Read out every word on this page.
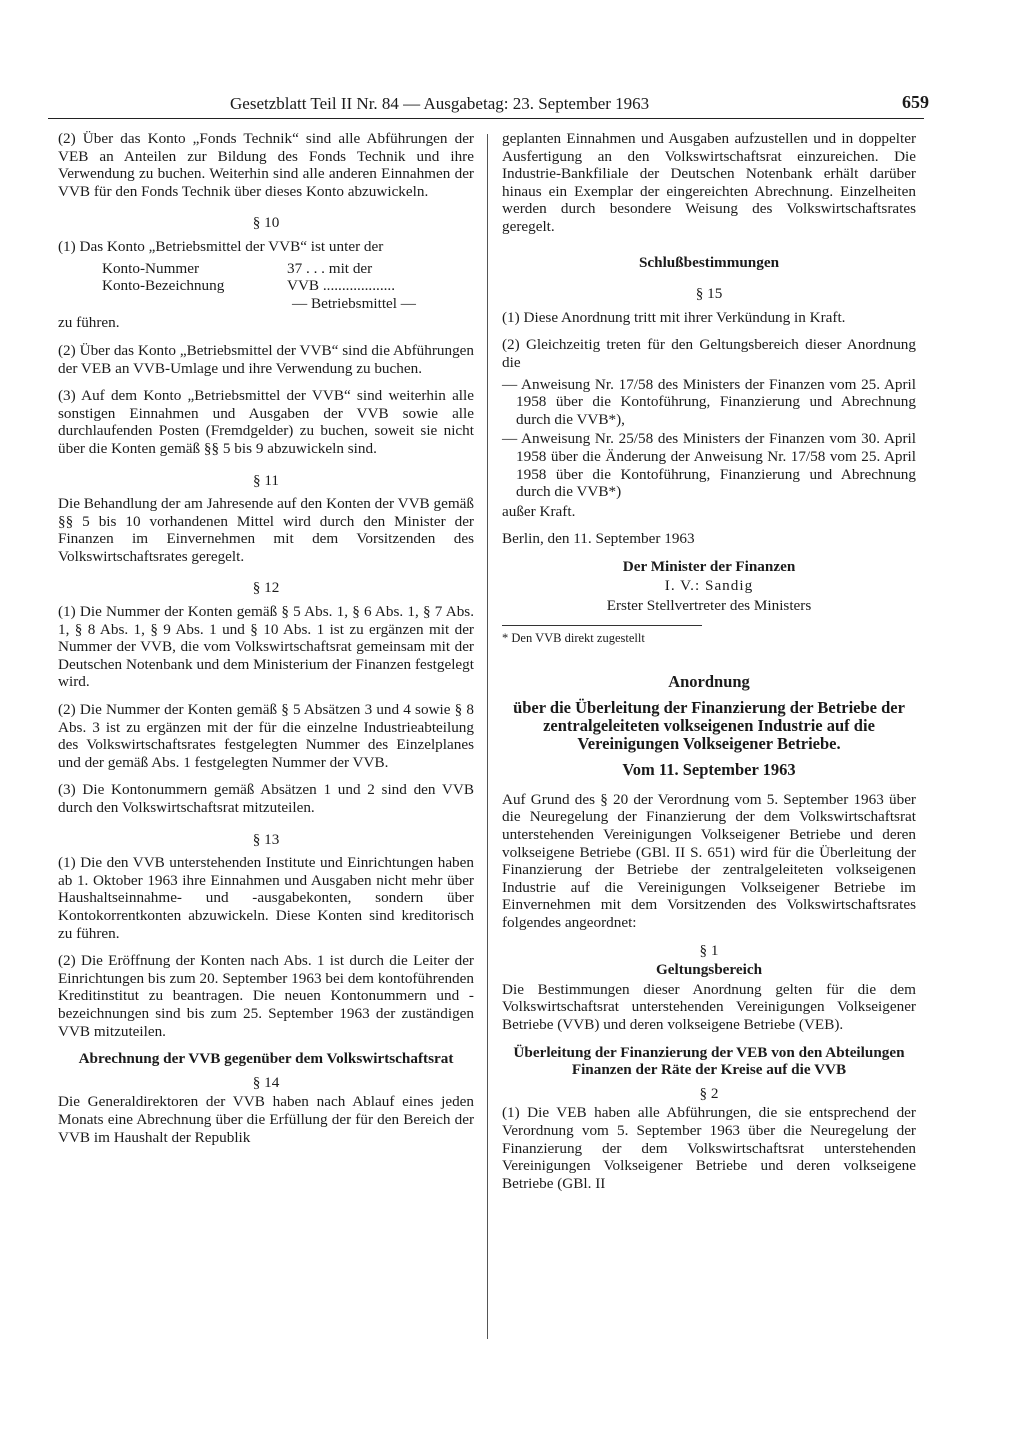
Gesetzblatt Teil II Nr. 84 — Ausgabetag: 23. September 1963	659

(2) Über das Konto „Fonds Technik“ sind alle Abführungen der VEB an Anteilen zur Bildung des Fonds Technik und ihre Verwendung zu buchen. Weiterhin sind alle anderen Einnahmen der VVB für den Fonds Technik über dieses Konto abzuwickeln.

§ 10

(1) Das Konto „Betriebsmittel der VVB“ ist unter der

Konto-Nummer	37 . . . mit der
Konto-Bezeichnung	VVB ...................
— Betriebsmittel —

zu führen.

(2) Über das Konto „Betriebsmittel der VVB“ sind die Abführungen der VEB an VVB-Umlage und ihre Verwendung zu buchen.

(3) Auf dem Konto „Betriebsmittel der VVB“ sind weiterhin alle sonstigen Einnahmen und Ausgaben der VVB sowie alle durchlaufenden Posten (Fremdgelder) zu buchen, soweit sie nicht über die Konten gemäß §§ 5 bis 9 abzuwickeln sind.

§ 11

Die Behandlung der am Jahresende auf den Konten der VVB gemäß §§ 5 bis 10 vorhandenen Mittel wird durch den Minister der Finanzen im Einvernehmen mit dem Vorsitzenden des Volkswirtschaftsrates geregelt.

§ 12

(1) Die Nummer der Konten gemäß § 5 Abs. 1, § 6 Abs. 1, § 7 Abs. 1, § 8 Abs. 1, § 9 Abs. 1 und § 10 Abs. 1 ist zu ergänzen mit der Nummer der VVB, die vom Volkswirtschaftsrat gemeinsam mit der Deutschen Notenbank und dem Ministerium der Finanzen festgelegt wird.

(2) Die Nummer der Konten gemäß § 5 Absätzen 3 und 4 sowie § 8 Abs. 3 ist zu ergänzen mit der für die einzelne Industrieabteilung des Volkswirtschaftsrates festgelegten Nummer des Einzelplanes und der gemäß Abs. 1 festgelegten Nummer der VVB.

(3) Die Kontonummern gemäß Absätzen 1 und 2 sind den VVB durch den Volkswirtschaftsrat mitzuteilen.

§ 13

(1) Die den VVB unterstehenden Institute und Einrichtungen haben ab 1. Oktober 1963 ihre Einnahmen und Ausgaben nicht mehr über Haushaltseinnahme- und -ausgabekonten, sondern über Kontokorrentkonten abzuwickeln. Diese Konten sind kreditorisch zu führen.

(2) Die Eröffnung der Konten nach Abs. 1 ist durch die Leiter der Einrichtungen bis zum 20. September 1963 bei dem kontoführenden Kreditinstitut zu beantragen. Die neuen Kontonummern und -bezeichnungen sind bis zum 25. September 1963 der zuständigen VVB mitzuteilen.

Abrechnung der VVB gegenüber dem Volkswirtschaftsrat
§ 14

Die Generaldirektoren der VVB haben nach Ablauf eines jeden Monats eine Abrechnung über die Erfüllung der für den Bereich der VVB im Haushalt der Republik

geplanten Einnahmen und Ausgaben aufzustellen und in doppelter Ausfertigung an den Volkswirtschaftsrat einzureichen. Die Industrie-Bankfiliale der Deutschen Notenbank erhält darüber hinaus ein Exemplar der eingereichten Abrechnung. Einzelheiten werden durch besondere Weisung des Volkswirtschaftsrates geregelt.

Schlußbestimmungen
§ 15

(1) Diese Anordnung tritt mit ihrer Verkündung in Kraft.

(2) Gleichzeitig treten für den Geltungsbereich dieser Anordnung die

— Anweisung Nr. 17/58 des Ministers der Finanzen vom 25. April 1958 über die Kontoführung, Finanzierung und Abrechnung durch die VVB*),
— Anweisung Nr. 25/58 des Ministers der Finanzen vom 30. April 1958 über die Änderung der Anweisung Nr. 17/58 vom 25. April 1958 über die Kontoführung, Finanzierung und Abrechnung durch die VVB*)

außer Kraft.

Berlin, den 11. September 1963

Der Minister der Finanzen
I. V.: Sandig
Erster Stellvertreter des Ministers
* Den VVB direkt zugestellt
Anordnung
über die Überleitung der Finanzierung der Betriebe der zentralgeleiteten volkseigenen Industrie auf die Vereinigungen Volkseigener Betriebe.
Vom 11. September 1963

Auf Grund des § 20 der Verordnung vom 5. September 1963 über die Neuregelung der Finanzierung der dem Volkswirtschaftsrat unterstehenden Vereinigungen Volkseigener Betriebe und deren volkseigene Betriebe (GBl. II S. 651) wird für die Überleitung der Finanzierung der Betriebe der zentralgeleiteten volkseigenen Industrie auf die Vereinigungen Volkseigener Betriebe im Einvernehmen mit dem Vorsitzenden des Volkswirtschaftsrates folgendes angeordnet:

§ 1
Geltungsbereich

Die Bestimmungen dieser Anordnung gelten für die dem Volkswirtschaftsrat unterstehenden Vereinigungen Volkseigener Betriebe (VVB) und deren volkseigene Betriebe (VEB).

Überleitung der Finanzierung der VEB von den Abteilungen Finanzen der Räte der Kreise auf die VVB
§ 2

(1) Die VEB haben alle Abführungen, die sie entsprechend der Verordnung vom 5. September 1963 über die Neuregelung der Finanzierung der dem Volkswirtschaftsrat unterstehenden Vereinigungen Volkseigener Betriebe und deren volkseigene Betriebe (GBl. II
